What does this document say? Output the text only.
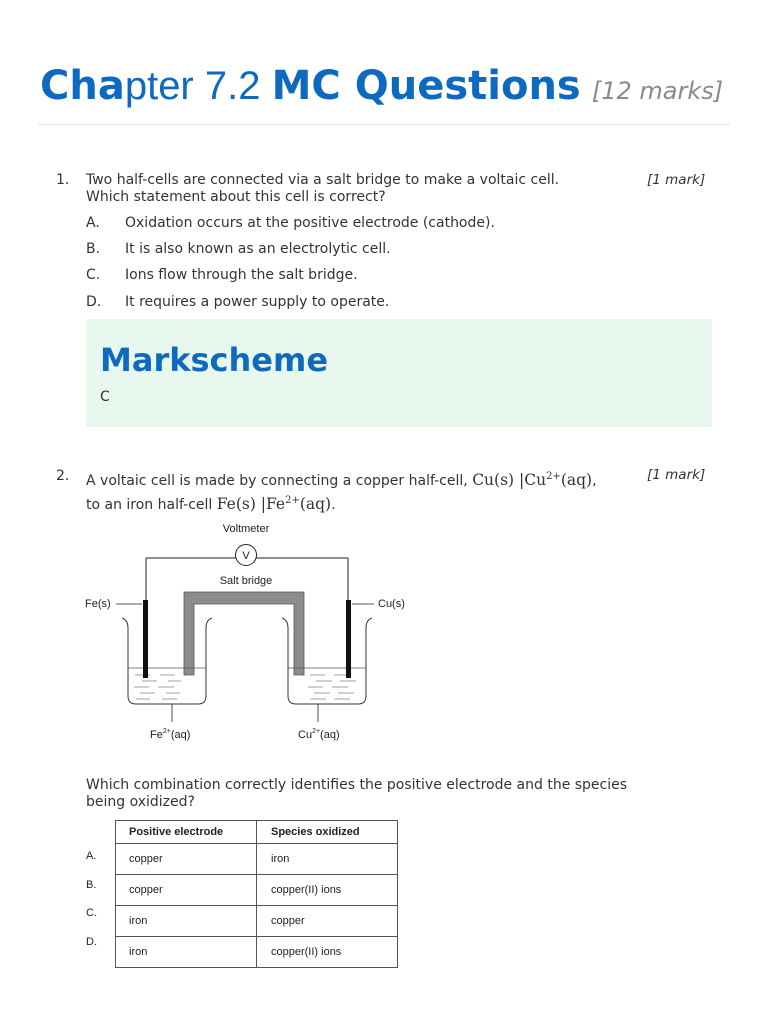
Chapter 7.2 MC Questions [12 marks]
1. Two half-cells are connected via a salt bridge to make a voltaic cell.
Which statement about this cell is correct?
[1 mark]
A. Oxidation occurs at the positive electrode (cathode).
B. It is also known as an electrolytic cell.
C. Ions flow through the salt bridge.
D. It requires a power supply to operate.
Markscheme
C
2. A voltaic cell is made by connecting a copper half-cell, Cu(s) $|Cu^{2+}(aq)$,
to an iron half-cell Fe(s) $|Fe^{2+}(aq)$.
[1 mark]
V
Voltmeter
Salt bridge
Fe(s)	Cu(s)
$Fe^{2+}(aq)$	$Cu^{2+}(aq)$
Which combination correctly identifies the positive electrode and the species
being oxidized?
A.
B.
C.
D.
Positive electrode	Species oxidized
copper	iron
copper	copper(II) ions
iron	copper
iron	copper(II) ions
